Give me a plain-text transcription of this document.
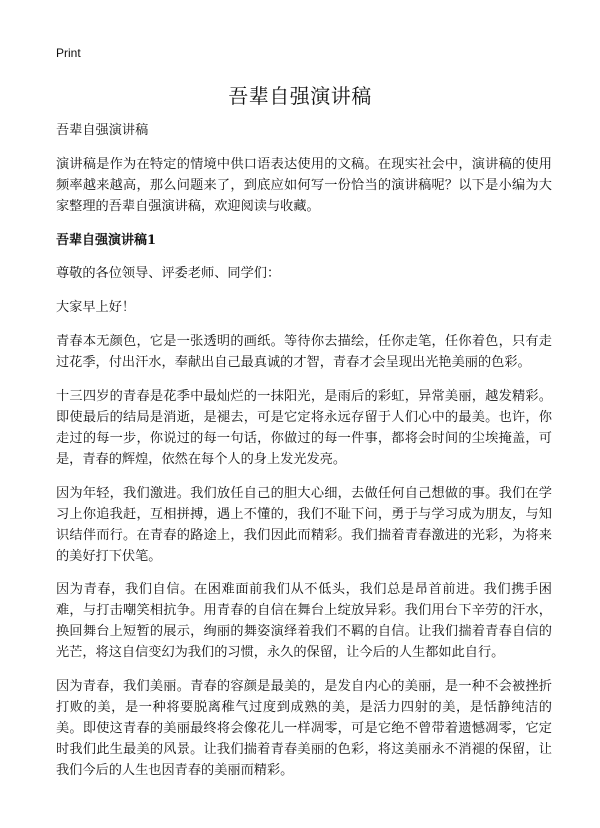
Print
吾辈自强演讲稿

吾辈自强演讲稿

演讲稿是作为在特定的情境中供口语表达使用的文稿。在现实社会中，演讲稿的使用频率越来越高，那么问题来了，到底应如何写一份恰当的演讲稿呢？以下是小编为大家整理的吾辈自强演讲稿，欢迎阅读与收藏。

吾辈自强演讲稿1

尊敬的各位领导、评委老师、同学们：

大家早上好！

青春本无颜色，它是一张透明的画纸。等待你去描绘，任你走笔，任你着色，只有走过花季，付出汗水，奉献出自己最真诚的才智，青春才会呈现出光艳美丽的色彩。

十三四岁的青春是花季中最灿烂的一抹阳光，是雨后的彩虹，异常美丽，越发精彩。即使最后的结局是消逝，是褪去，可是它定将永远存留于人们心中的最美。也许，你走过的每一步，你说过的每一句话，你做过的每一件事，都将会时间的尘埃掩盖，可是，青春的辉煌，依然在每个人的身上发光发亮。

因为年轻，我们激进。我们放任自己的胆大心细，去做任何自己想做的事。我们在学习上你追我赶，互相拼搏，遇上不懂的，我们不耻下问，勇于与学习成为朋友，与知识结伴而行。在青春的路途上，我们因此而精彩。我们揣着青春激进的光彩，为将来的美好打下伏笔。

因为青春，我们自信。在困难面前我们从不低头，我们总是昂首前进。我们携手困难，与打击嘲笑相抗争。用青春的自信在舞台上绽放异彩。我们用台下辛劳的汗水，换回舞台上短暂的展示，绚丽的舞姿演绎着我们不羁的自信。让我们揣着青春自信的光芒，将这自信变幻为我们的习惯，永久的保留，让今后的人生都如此自行。

因为青春，我们美丽。青春的容颜是最美的，是发自内心的美丽，是一种不会被挫折打败的美，是一种将要脱离稚气过度到成熟的美，是活力四射的美，是恬静纯洁的美。即使这青春的美丽最终将会像花儿一样凋零，可是它绝不曾带着遗憾凋零，它定时我们此生最美的风景。让我们揣着青春美丽的色彩，将这美丽永不消褪的保留，让我们今后的人生也因青春的美丽而精彩。
